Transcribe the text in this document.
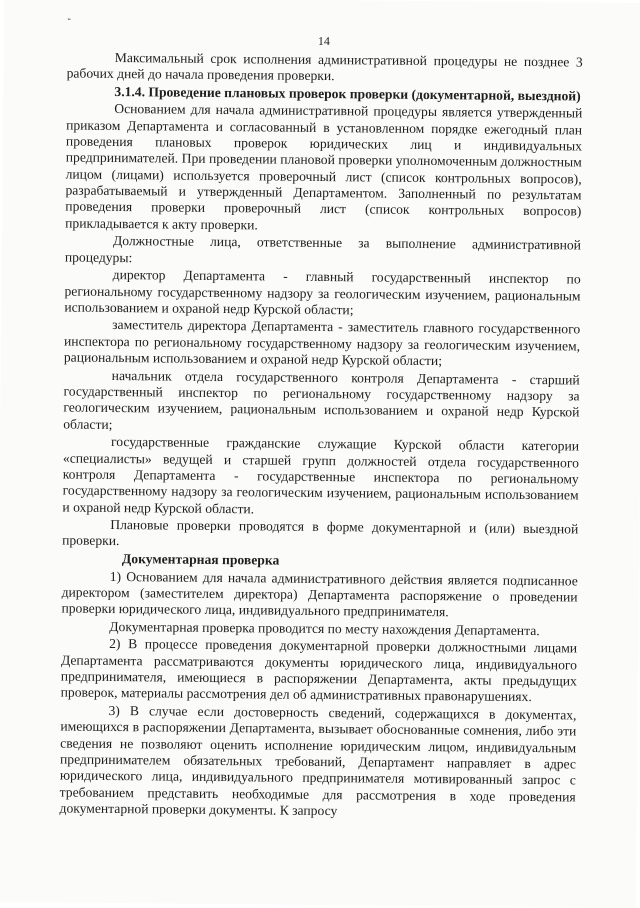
..
14

Максимальный срок исполнения административной процедуры не позднее 3 рабочих дней до начала проведения проверки.

3.1.4. Проведение плановых проверок проверки (документарной, выездной)

Основанием для начала административной процедуры является утвержденный приказом Департамента и согласованный в установленном порядке ежегодный план проведения плановых проверок юридических лиц и индивидуальных предпринимателей. При проведении плановой проверки уполномоченным должностным лицом (лицами) используется проверочный лист (список контрольных вопросов), разрабатываемый и утвержденный Департаментом. Заполненный по результатам проведения проверки проверочный лист (список контрольных вопросов) прикладывается к акту проверки.

Должностные лица, ответственные за выполнение административной процедуры:

директор Департамента - главный государственный инспектор по региональному государственному надзору за геологическим изучением, рациональным использованием и охраной недр Курской области;

заместитель директора Департамента - заместитель главного государственного инспектора по региональному государственному надзору за геологическим изучением, рациональным использованием и охраной недр Курской области;

начальник отдела государственного контроля Департамента - старший государственный инспектор по региональному государственному надзору за геологическим изучением, рациональным использованием и охраной недр Курской области;

государственные гражданские служащие Курской области категории «специалисты» ведущей и старшей групп должностей отдела государственного контроля Департамента - государственные инспектора по региональному государственному надзору за геологическим изучением, рациональным использованием и охраной недр Курской области.

Плановые проверки проводятся в форме документарной и (или) выездной проверки.

Документарная проверка

1) Основанием для начала административного действия является подписанное директором (заместителем директора) Департамента распоряжение о проведении проверки юридического лица, индивидуального предпринимателя.

Документарная проверка проводится по месту нахождения Департамента.

2) В процессе проведения документарной проверки должностными лицами Департамента рассматриваются документы юридического лица, индивидуального предпринимателя, имеющиеся в распоряжении Департамента, акты предыдущих проверок, материалы рассмотрения дел об административных правонарушениях.

3) В случае если достоверность сведений, содержащихся в документах, имеющихся в распоряжении Департамента, вызывает обоснованные сомнения, либо эти сведения не позволяют оценить исполнение юридическим лицом, индивидуальным предпринимателем обязательных требований, Департамент направляет в адрес юридического лица, индивидуального предпринимателя мотивированный запрос с требованием представить необходимые для рассмотрения в ходе проведения документарной проверки документы. К запросу
